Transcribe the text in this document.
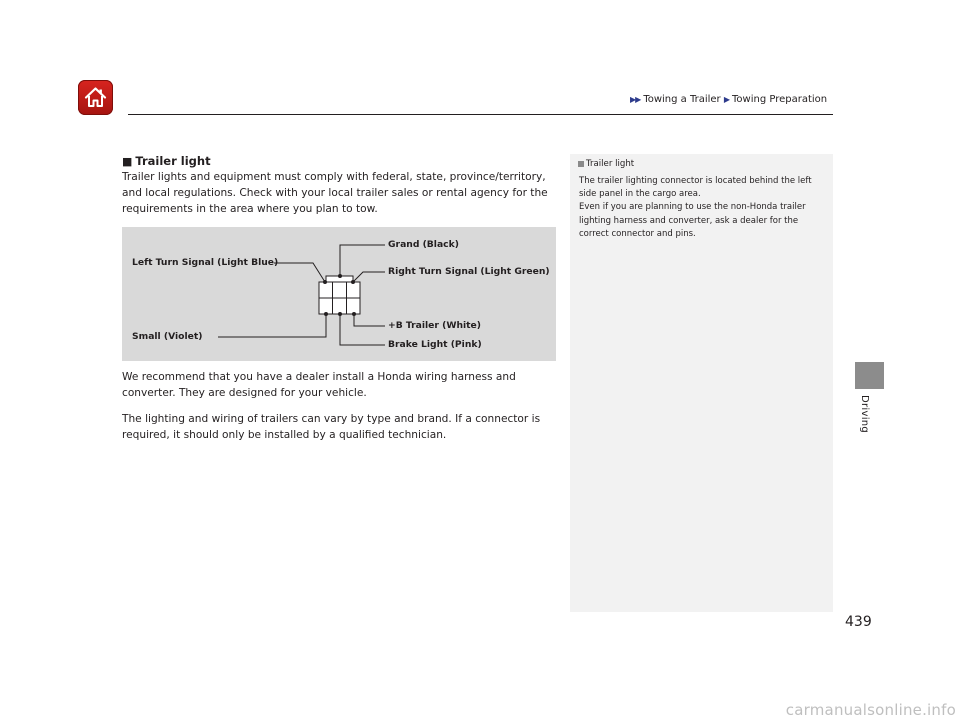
▶▶ Towing a Trailer ▶ Towing Preparation

■ Trailer light

Trailer lights and equipment must comply with federal, state, province/territory, and local regulations. Check with your local trailer sales or rental agency for the requirements in the area where you plan to tow.

Left Turn Signal (Light Blue)
Grand (Black)
Right Turn Signal (Light Green)
+B Trailer (White)
Small (Violet)
Brake Light (Pink)

We recommend that you have a dealer install a Honda wiring harness and converter. They are designed for your vehicle.

The lighting and wiring of trailers can vary by type and brand. If a connector is required, it should only be installed by a qualified technician.

Trailer light

The trailer lighting connector is located behind the left side panel in the cargo area.

Even if you are planning to use the non-Honda trailer lighting harness and converter, ask a dealer for the correct connector and pins.

Driving
439
carmanualsonline.info
